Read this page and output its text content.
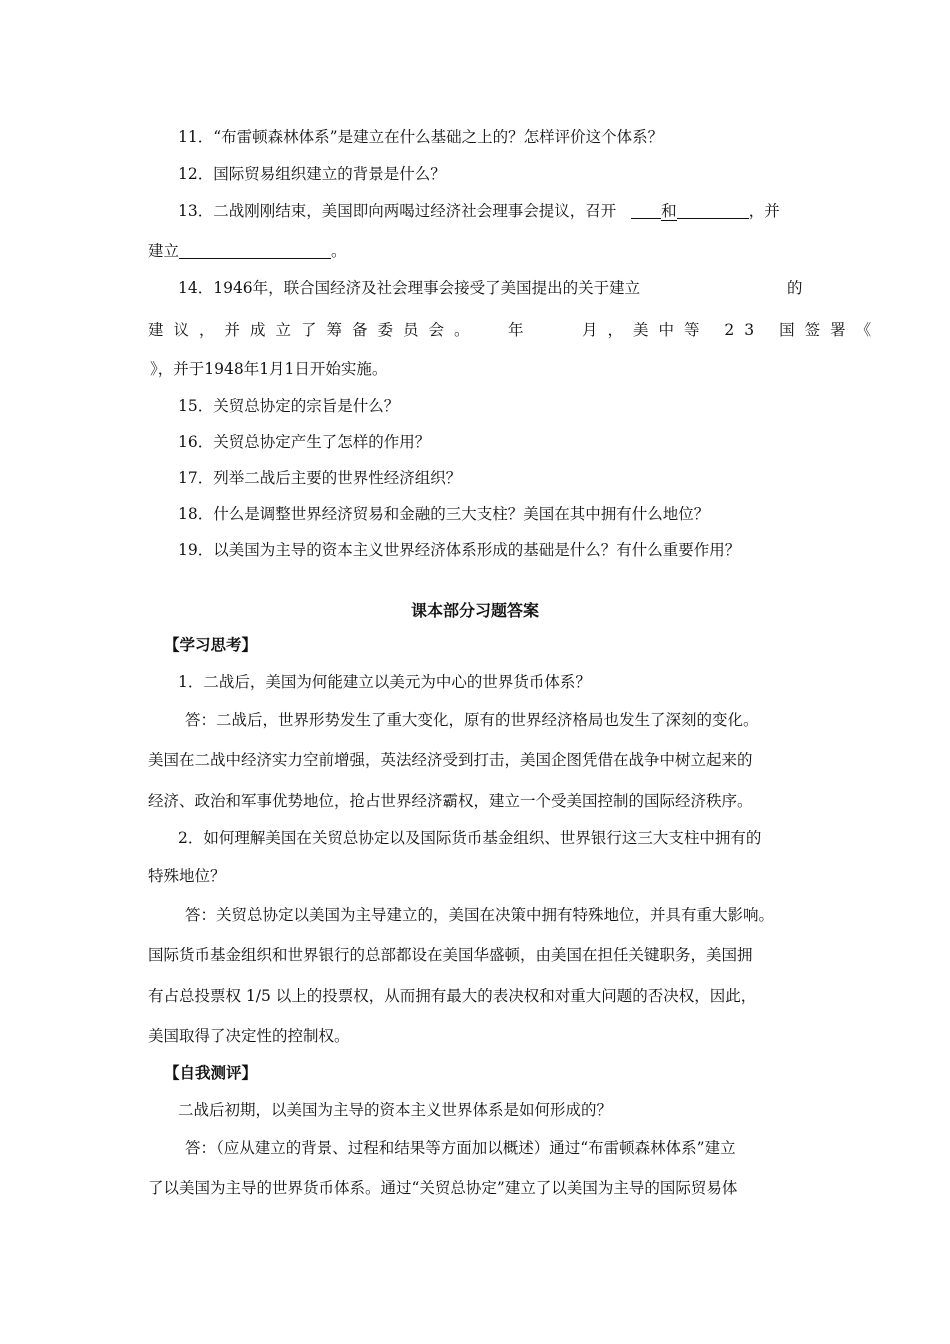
11．“布雷顿森林体系”是建立在什么基础之上的？怎样评价这个体系？
12．国际贸易组织建立的背景是什么？
13．二战刚刚结束，美国即向两喝过经济社会理事会提议，召开	和	，并
建立	。
14．1946年，联合国经济及社会理事会接受了美国提出的关于建立	的
建议，并成立了筹备委员会。 年	月，美中等 23 国签署《
》，并于1948年1月1日开始实施。
15．关贸总协定的宗旨是什么？
16．关贸总协定产生了怎样的作用？
17．列举二战后主要的世界性经济组织？
18．什么是调整世界经济贸易和金融的三大支柱？美国在其中拥有什么地位？
19．以美国为主导的资本主义世界经济体系形成的基础是什么？有什么重要作用？
课本部分习题答案
【学习思考】
1．二战后，美国为何能建立以美元为中心的世界货币体系？
答：二战后，世界形势发生了重大变化，原有的世界经济格局也发生了深刻的变化。
美国在二战中经济实力空前增强，英法经济受到打击，美国企图凭借在战争中树立起来的
经济、政治和军事优势地位，抢占世界经济霸权，建立一个受美国控制的国际经济秩序。
2．如何理解美国在关贸总协定以及国际货币基金组织、世界银行这三大支柱中拥有的
特殊地位？
答：关贸总协定以美国为主导建立的，美国在决策中拥有特殊地位，并具有重大影响。
国际货币基金组织和世界银行的总部都设在美国华盛顿，由美国在担任关键职务，美国拥
有占总投票权 1/5 以上的投票权，从而拥有最大的表决权和对重大问题的否决权，因此，
美国取得了决定性的控制权。
【自我测评】
二战后初期，以美国为主导的资本主义世界体系是如何形成的？
答：（应从建立的背景、过程和结果等方面加以概述）通过“布雷顿森林体系”建立
了以美国为主导的世界货币体系。通过“关贸总协定”建立了以美国为主导的国际贸易体
